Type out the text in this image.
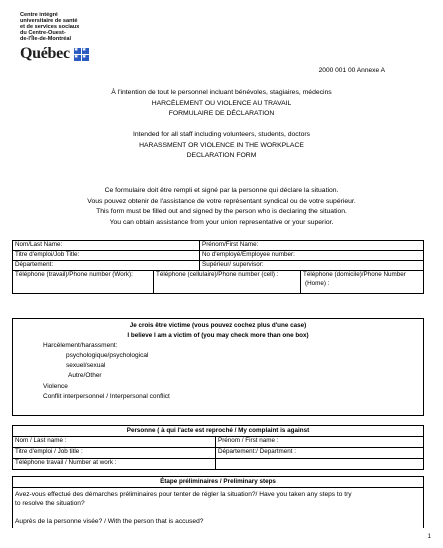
Centre intégré
universitaire de santé
et de services sociaux
du Centre-Ouest-
de-l'Île-de-Montréal
Québec
❦
❦
❦
❦
2000 001 00 Annexe A
À l'intention de tout le personnel incluant bénévoles, stagiaires, médecins
HARCÈLEMENT OU VIOLENCE AU TRAVAIL
FORMULAIRE DE DÉCLARATION
Intended for all staff including volunteers, students, doctors
HARASSMENT OR VIOLENCE IN THE WORKPLACE
DECLARATION FORM
Ce formulaire doit être rempli et signé par la personne qui déclare la situation.
Vous pouvez obtenir de l'assistance de votre représentant syndical ou de votre supérieur.
This form must be filled out and signed by the person who is declaring the situation.
You can obtain assistance from your union representative or your superior.
Nom/Last Name:	Prénom/First Name:
Titre d'emploi/Job Title:	No d'employé/Employee number:
Département:	Supérieur/ supervisor:
Téléphone (travail)/Phone number (Work):	Téléphone (cellulaire)/Phone number (cell) :	Téléphone (domicile)/Phone Number
(Home) :
Je crois être victime (vous pouvez cochez plus d'une case)
I believe I am a victim of (you may check more than one box)
Harcèlement/harassment:
psychologique/psychological
sexuel/sexual
Autre/Other
Violence
Conflit interpersonnel / Interpersonal conflict
Personne ( à qui l'acte est reproché / My complaint is against
Nom / Last name :	Prénom / First name :
Titre d'emploi / Job title :	Département:/ Department :
Téléphone travail / Number at work :
Étape préliminaires / Preliminary steps
Avez-vous effectué des démarches préliminaires pour tenter de régler la situation?/ Have you taken any steps to try
to resolve the situation?
Auprès de la personne visée? / With the person that is accused?
1
